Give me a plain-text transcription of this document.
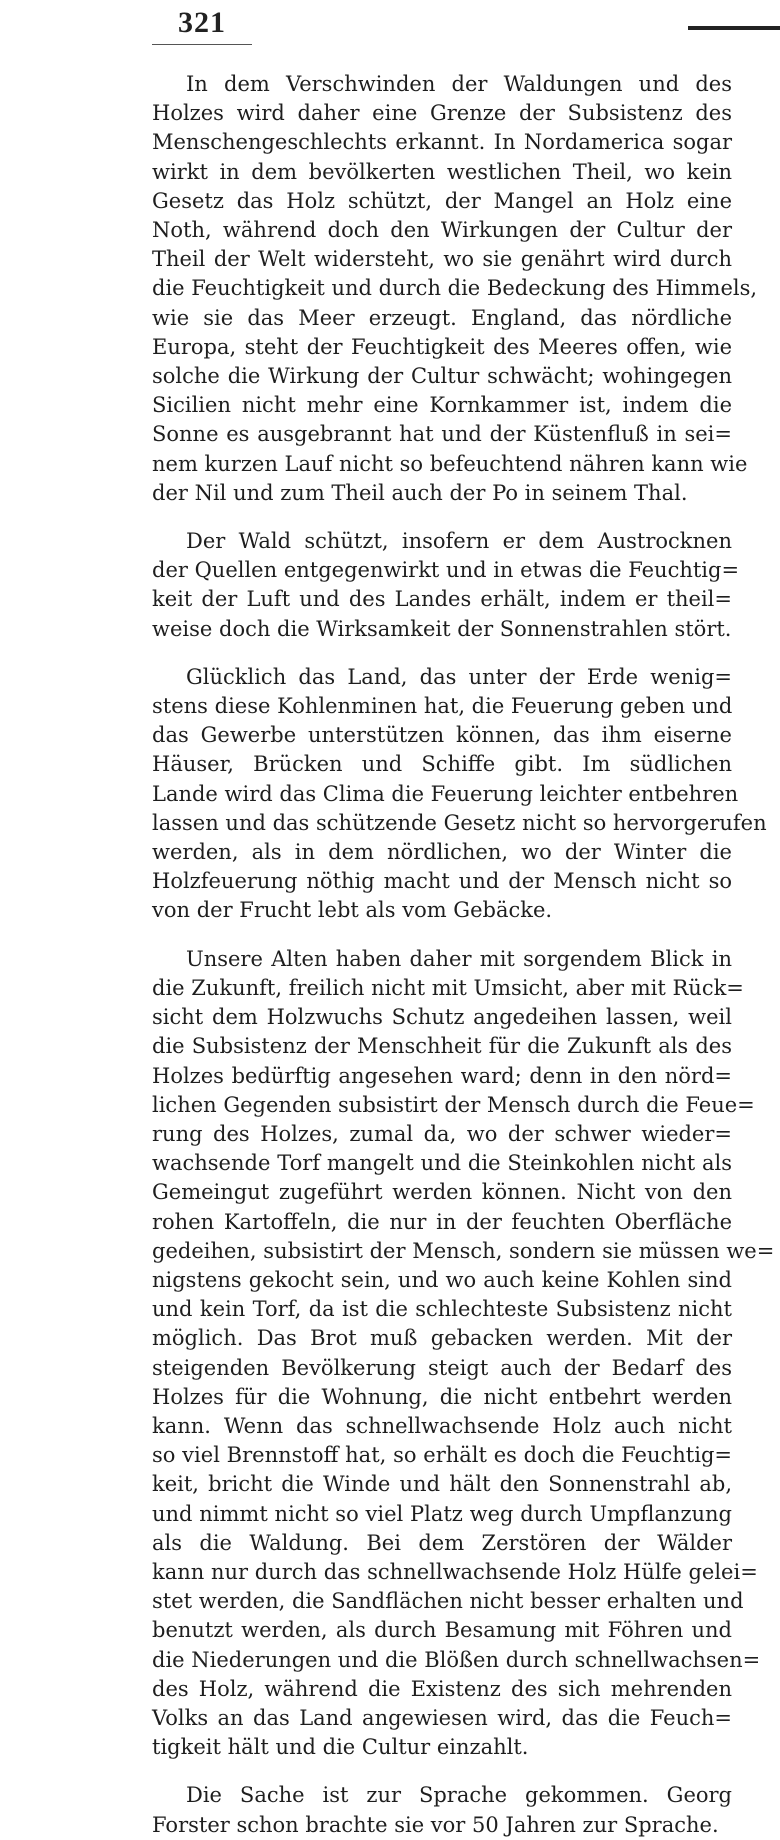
321
In dem Verschwinden der Waldungen und des
Holzes wird daher eine Grenze der Subsistenz des
Menschengeschlechts erkannt. In Nordamerica sogar
wirkt in dem bevölkerten westlichen Theil, wo kein
Gesetz das Holz schützt, der Mangel an Holz eine
Noth, während doch den Wirkungen der Cultur der
Theil der Welt widersteht, wo sie genährt wird durch
die Feuchtigkeit und durch die Bedeckung des Himmels,
wie sie das Meer erzeugt. England, das nördliche
Europa, steht der Feuchtigkeit des Meeres offen, wie
solche die Wirkung der Cultur schwächt; wohingegen
Sicilien nicht mehr eine Kornkammer ist, indem die
Sonne es ausgebrannt hat und der Küstenfluß in sei=
nem kurzen Lauf nicht so befeuchtend nähren kann wie
der Nil und zum Theil auch der Po in seinem Thal.
Der Wald schützt, insofern er dem Austrocknen
der Quellen entgegenwirkt und in etwas die Feuchtig=
keit der Luft und des Landes erhält, indem er theil=
weise doch die Wirksamkeit der Sonnenstrahlen stört.
Glücklich das Land, das unter der Erde wenig=
stens diese Kohlenminen hat, die Feuerung geben und
das Gewerbe unterstützen können, das ihm eiserne
Häuser, Brücken und Schiffe gibt. Im südlichen
Lande wird das Clima die Feuerung leichter entbehren
lassen und das schützende Gesetz nicht so hervorgerufen
werden, als in dem nördlichen, wo der Winter die
Holzfeuerung nöthig macht und der Mensch nicht so
von der Frucht lebt als vom Gebäcke.
Unsere Alten haben daher mit sorgendem Blick in
die Zukunft, freilich nicht mit Umsicht, aber mit Rück=
sicht dem Holzwuchs Schutz angedeihen lassen, weil
die Subsistenz der Menschheit für die Zukunft als des
Holzes bedürftig angesehen ward; denn in den nörd=
lichen Gegenden subsistirt der Mensch durch die Feue=
rung des Holzes, zumal da, wo der schwer wieder=
wachsende Torf mangelt und die Steinkohlen nicht als
Gemeingut zugeführt werden können. Nicht von den
rohen Kartoffeln, die nur in der feuchten Oberfläche
gedeihen, subsistirt der Mensch, sondern sie müssen we=
nigstens gekocht sein, und wo auch keine Kohlen sind
und kein Torf, da ist die schlechteste Subsistenz nicht
möglich. Das Brot muß gebacken werden. Mit der
steigenden Bevölkerung steigt auch der Bedarf des
Holzes für die Wohnung, die nicht entbehrt werden
kann. Wenn das schnellwachsende Holz auch nicht
so viel Brennstoff hat, so erhält es doch die Feuchtig=
keit, bricht die Winde und hält den Sonnenstrahl ab,
und nimmt nicht so viel Platz weg durch Umpflanzung
als die Waldung. Bei dem Zerstören der Wälder
kann nur durch das schnellwachsende Holz Hülfe gelei=
stet werden, die Sandflächen nicht besser erhalten und
benutzt werden, als durch Besamung mit Föhren und
die Niederungen und die Blößen durch schnellwachsen=
des Holz, während die Existenz des sich mehrenden
Volks an das Land angewiesen wird, das die Feuch=
tigkeit hält und die Cultur einzahlt.
Die Sache ist zur Sprache gekommen. Georg
Forster schon brachte sie vor 50 Jahren zur Sprache.
